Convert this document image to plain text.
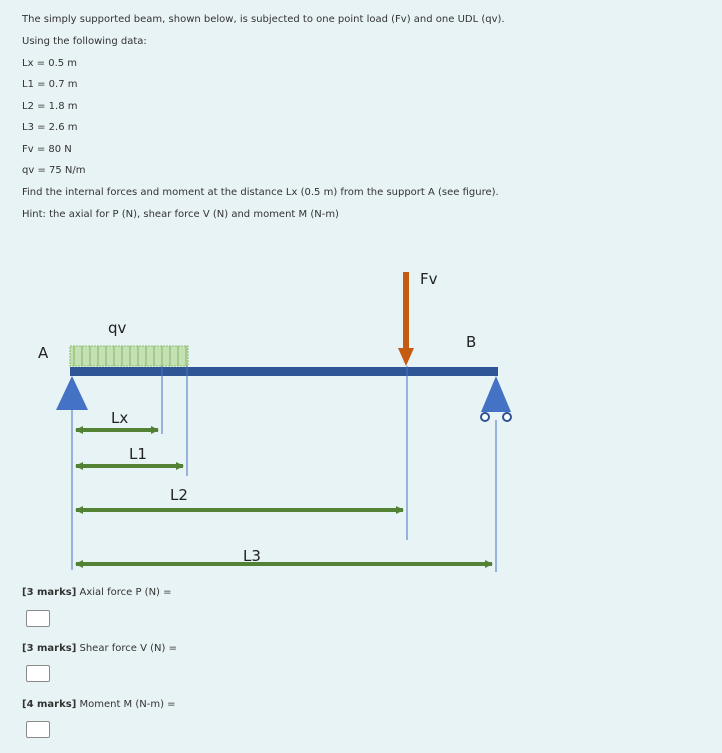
The simply supported beam, shown below, is subjected to one point load (Fv) and one UDL (qv).
Using the following data:
Lx = 0.5 m
L1 = 0.7 m
L2 = 1.8 m
L3 = 2.6 m
Fv = 80 N
qv = 75 N/m
Find the internal forces and moment at the distance Lx (0.5 m) from the support A (see figure).
Hint: the axial for P (N), shear force V (N) and moment M (N-m)
Fv
qv
A
B
Lx
L1
L2
L3
[3 marks] Axial force P (N) =
[3 marks] Shear force V (N) =
[4 marks] Moment M (N-m) =
